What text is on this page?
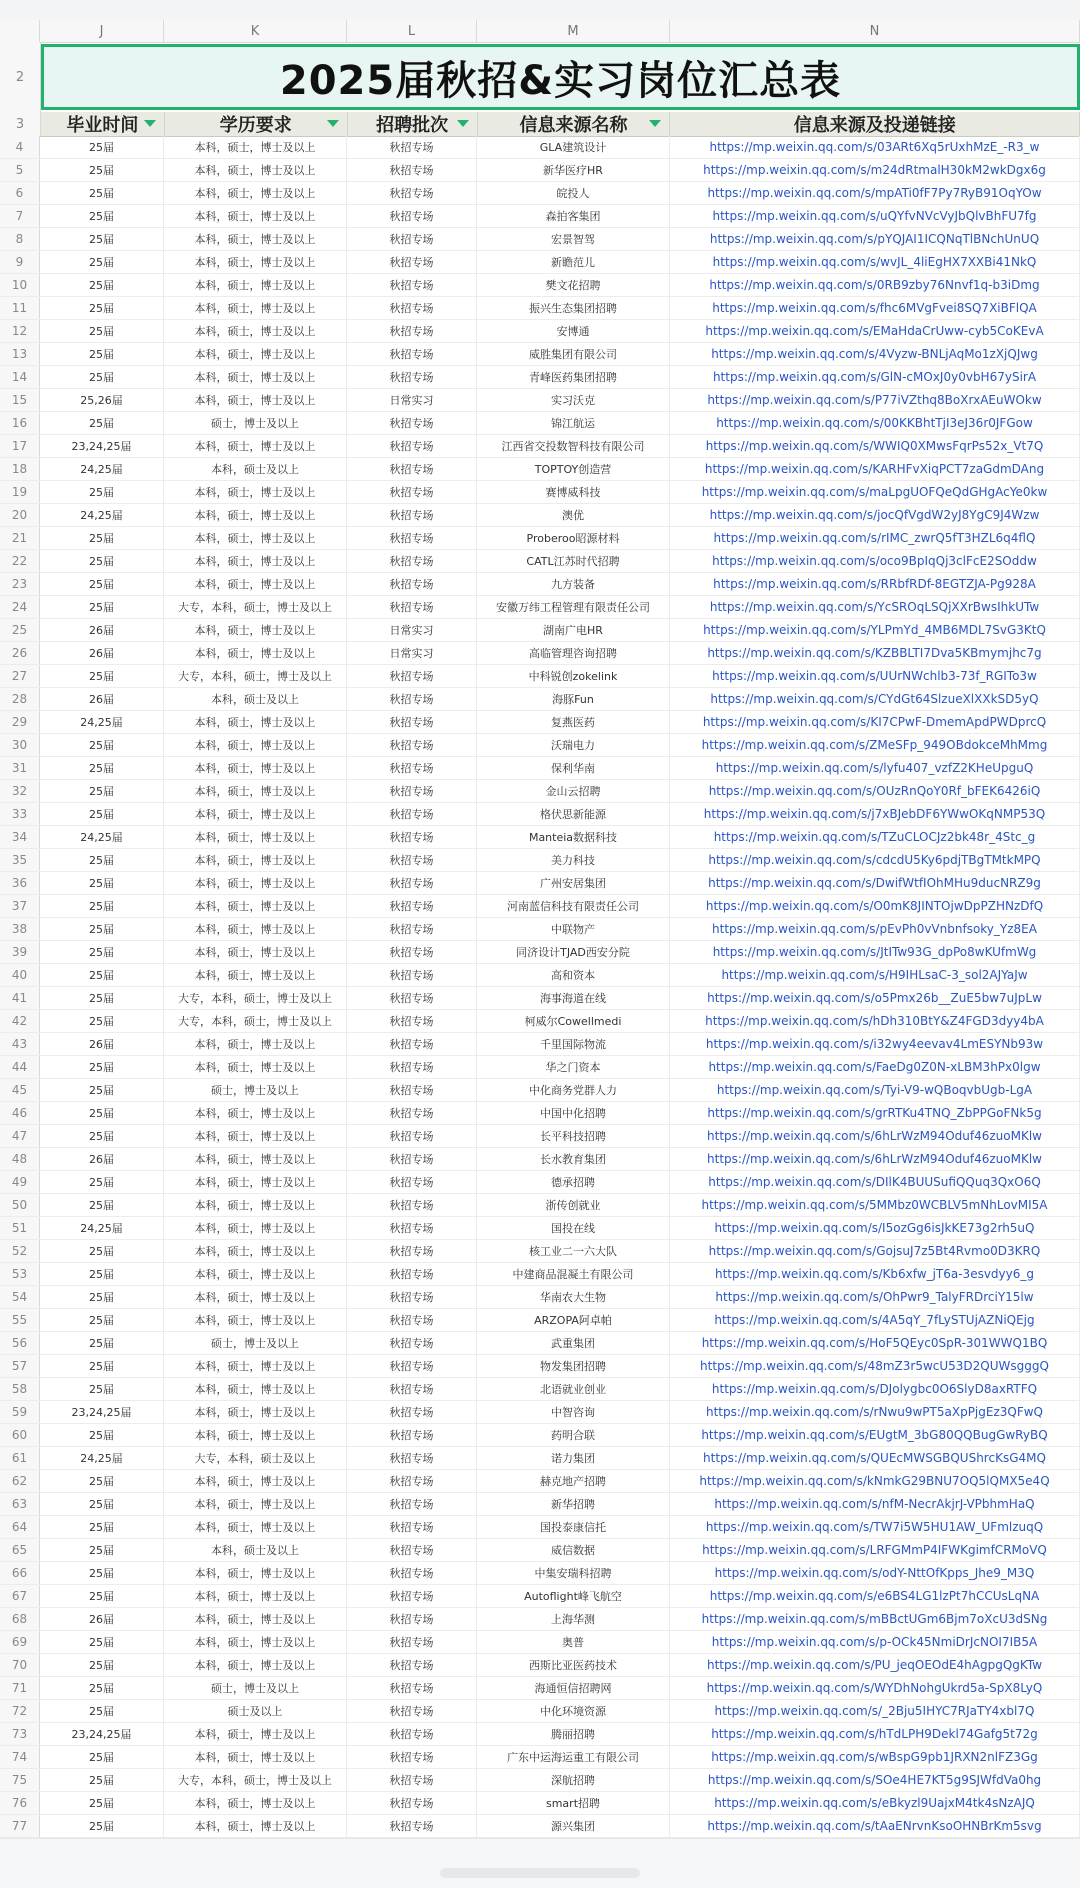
J	K	L	M	N
2	2025届秋招&实习岗位汇总表
3	毕业时间	学历要求	招聘批次	信息来源名称	信息来源及投递链接
4	25届	本科，硕士，博士及以上	秋招专场	GLA建筑设计	https://mp.weixin.qq.com/s/03ARt6Xq5rUxhMzE_-R3_w
5	25届	本科，硕士，博士及以上	秋招专场	新华医疗HR	https://mp.weixin.qq.com/s/m24dRtmalH30kM2wkDgx6g
6	25届	本科，硕士，博士及以上	秋招专场	皖投人	https://mp.weixin.qq.com/s/mpATi0fF7Py7RyB91OqYOw
7	25届	本科，硕士，博士及以上	秋招专场	森拍客集团	https://mp.weixin.qq.com/s/uQYfvNVcVyJbQlvBhFU7fg
8	25届	本科，硕士，博士及以上	秋招专场	宏景智驾	https://mp.weixin.qq.com/s/pYQJAI1ICQNqTlBNchUnUQ
9	25届	本科，硕士，博士及以上	秋招专场	新瞻范儿	https://mp.weixin.qq.com/s/wvJL_4liEgHX7XXBi41NkQ
10	25届	本科，硕士，博士及以上	秋招专场	樊文花招聘	https://mp.weixin.qq.com/s/0RB9zby76Nnvf1q-b3iDmg
11	25届	本科，硕士，博士及以上	秋招专场	振兴生态集团招聘	https://mp.weixin.qq.com/s/fhc6MVgFvei8SQ7XiBFlQA
12	25届	本科，硕士，博士及以上	秋招专场	安博通	https://mp.weixin.qq.com/s/EMaHdaCrUww-cyb5CoKEvA
13	25届	本科，硕士，博士及以上	秋招专场	威胜集团有限公司	https://mp.weixin.qq.com/s/4Vyzw-BNLjAqMo1zXjQJwg
14	25届	本科，硕士，博士及以上	秋招专场	青峰医药集团招聘	https://mp.weixin.qq.com/s/GlN-cMOxJ0y0vbH67ySirA
15	25,26届	本科，硕士，博士及以上	日常实习	实习沃克	https://mp.weixin.qq.com/s/P77iVZthq8BoXrxAEuWOkw
16	25届	硕士，博士及以上	秋招专场	锦江航运	https://mp.weixin.qq.com/s/00KKBhtTjI3eJ36r0JFGow
17	23,24,25届	本科，硕士，博士及以上	秋招专场	江西省交投数智科技有限公司	https://mp.weixin.qq.com/s/WWIQ0XMwsFqrPs52x_Vt7Q
18	24,25届	本科，硕士及以上	秋招专场	TOPTOY创造营	https://mp.weixin.qq.com/s/KARHFvXiqPCT7zaGdmDAng
19	25届	本科，硕士，博士及以上	秋招专场	赛博威科技	https://mp.weixin.qq.com/s/maLpgUOFQeQdGHgAcYe0kw
20	24,25届	本科，硕士，博士及以上	秋招专场	澳优	https://mp.weixin.qq.com/s/jocQfVgdW2yJ8YgC9J4Wzw
21	25届	本科，硕士，博士及以上	秋招专场	Proberoo昭源材料	https://mp.weixin.qq.com/s/rIMC_zwrQ5fT3HZL6q4flQ
22	25届	本科，硕士，博士及以上	秋招专场	CATL江苏时代招聘	https://mp.weixin.qq.com/s/oco9BpIqQj3clFcE2SOddw
23	25届	本科，硕士，博士及以上	秋招专场	九方装备	https://mp.weixin.qq.com/s/RRbfRDf-8EGTZJA-Pg928A
24	25届	大专，本科，硕士，博士及以上	秋招专场	安徽万纬工程管理有限责任公司	https://mp.weixin.qq.com/s/YcSROqLSQjXXrBwsIhkUTw
25	26届	本科，硕士，博士及以上	日常实习	湖南广电HR	https://mp.weixin.qq.com/s/YLPmYd_4MB6MDL7SvG3KtQ
26	26届	本科，硕士，博士及以上	日常实习	高临管理咨询招聘	https://mp.weixin.qq.com/s/KZBBLTI7Dva5KBmymjhc7g
27	25届	大专，本科，硕士，博士及以上	秋招专场	中科锐创zokelink	https://mp.weixin.qq.com/s/UUrNWchlb3-73f_RGITo3w
28	26届	本科，硕士及以上	秋招专场	海豚Fun	https://mp.weixin.qq.com/s/CYdGt64SlzueXlXXkSD5yQ
29	24,25届	本科，硕士，博士及以上	秋招专场	复燕医药	https://mp.weixin.qq.com/s/KI7CPwF-DmemApdPWDprcQ
30	25届	本科，硕士，博士及以上	秋招专场	沃瑞电力	https://mp.weixin.qq.com/s/ZMeSFp_949OBdokceMhMmg
31	25届	本科，硕士，博士及以上	秋招专场	保利华南	https://mp.weixin.qq.com/s/lyfu407_vzfZ2KHeUpguQ
32	25届	本科，硕士，博士及以上	秋招专场	金山云招聘	https://mp.weixin.qq.com/s/OUzRnQoY0Rf_bFEK6426iQ
33	25届	本科，硕士，博士及以上	秋招专场	格伏思新能源	https://mp.weixin.qq.com/s/j7xBJebDF6YWwOKqNMP53Q
34	24,25届	本科，硕士，博士及以上	秋招专场	Manteia数据科技	https://mp.weixin.qq.com/s/TZuCLOCJz2bk48r_4Stc_g
35	25届	本科，硕士，博士及以上	秋招专场	美力科技	https://mp.weixin.qq.com/s/cdcdU5Ky6pdjTBgTMtkMPQ
36	25届	本科，硕士，博士及以上	秋招专场	广州安居集团	https://mp.weixin.qq.com/s/DwifWtfIOhMHu9ducNRZ9g
37	25届	本科，硕士，博士及以上	秋招专场	河南蓝信科技有限责任公司	https://mp.weixin.qq.com/s/O0mK8JINTOjwDpPZHNzDfQ
38	25届	本科，硕士，博士及以上	秋招专场	中联物产	https://mp.weixin.qq.com/s/pEvPh0vVnbnfsoky_Yz8EA
39	25届	本科，硕士，博士及以上	秋招专场	同济设计TJAD西安分院	https://mp.weixin.qq.com/s/JtITw93G_dpPo8wKUfmWg
40	25届	本科，硕士，博士及以上	秋招专场	高和资本	https://mp.weixin.qq.com/s/H9IHLsaC-3_sol2AJYaJw
41	25届	大专，本科，硕士，博士及以上	秋招专场	海事海道在线	https://mp.weixin.qq.com/s/o5Pmx26b__ZuE5bw7uJpLw
42	25届	大专，本科，硕士，博士及以上	秋招专场	柯威尔Cowellmedi	https://mp.weixin.qq.com/s/hDh310BtY&Z4FGD3dyy4bA
43	26届	本科，硕士，博士及以上	秋招专场	千里国际物流	https://mp.weixin.qq.com/s/i32wy4eevav4LmESYNb93w
44	25届	本科，硕士，博士及以上	秋招专场	华之门资本	https://mp.weixin.qq.com/s/FaeDg0Z0N-xLBM3hPx0lgw
45	25届	硕士，博士及以上	秋招专场	中化商务党群人力	https://mp.weixin.qq.com/s/Tyi-V9-wQBoqvbUgb-LgA
46	25届	本科，硕士，博士及以上	秋招专场	中国中化招聘	https://mp.weixin.qq.com/s/grRTKu4TNQ_ZbPPGoFNk5g
47	25届	本科，硕士，博士及以上	秋招专场	长平科技招聘	https://mp.weixin.qq.com/s/6hLrWzM94Oduf46zuoMKlw
48	26届	本科，硕士，博士及以上	秋招专场	长水教育集团	https://mp.weixin.qq.com/s/6hLrWzM94Oduf46zuoMKlw
49	25届	本科，硕士，博士及以上	秋招专场	德承招聘	https://mp.weixin.qq.com/s/DIlK4BUUSufiQQuq3QxO6Q
50	25届	本科，硕士，博士及以上	秋招专场	浙传创就业	https://mp.weixin.qq.com/s/5MMbz0WCBLV5mNhLovMI5A
51	24,25届	本科，硕士，博士及以上	秋招专场	国投在线	https://mp.weixin.qq.com/s/I5ozGg6isJkKE73g2rh5uQ
52	25届	本科，硕士，博士及以上	秋招专场	核工业二一六大队	https://mp.weixin.qq.com/s/GojsuJ7z5Bt4Rvmo0D3KRQ
53	25届	本科，硕士，博士及以上	秋招专场	中建商品混凝土有限公司	https://mp.weixin.qq.com/s/Kb6xfw_jT6a-3esvdyy6_g
54	25届	本科，硕士，博士及以上	秋招专场	华南农大生物	https://mp.weixin.qq.com/s/OhPwr9_TalyFRDrciY15lw
55	25届	本科，硕士，博士及以上	秋招专场	ARZOPA阿卓帕	https://mp.weixin.qq.com/s/4A5qY_7fLySTUjAZNiQEjg
56	25届	硕士，博士及以上	秋招专场	武重集团	https://mp.weixin.qq.com/s/HoF5QEyc0SpR-301WWQ1BQ
57	25届	本科，硕士，博士及以上	秋招专场	物发集团招聘	https://mp.weixin.qq.com/s/48mZ3r5wcU53D2QUWsgggQ
58	25届	本科，硕士，博士及以上	秋招专场	北语就业创业	https://mp.weixin.qq.com/s/DJolygbc0O6SlyD8axRTFQ
59	23,24,25届	本科，硕士，博士及以上	秋招专场	中智咨询	https://mp.weixin.qq.com/s/rNwu9wPT5aXpPjgEz3QFwQ
60	25届	本科，硕士，博士及以上	秋招专场	药明合联	https://mp.weixin.qq.com/s/EUgtM_3bG80QQBugGwRyBQ
61	24,25届	大专，本科，硕士及以上	秋招专场	诺力集团	https://mp.weixin.qq.com/s/QUEcMWSGBQUShrcKsG4MQ
62	25届	本科，硕士，博士及以上	秋招专场	赫克地产招聘	https://mp.weixin.qq.com/s/kNmkG29BNU7OQ5lQMX5e4Q
63	25届	本科，硕士，博士及以上	秋招专场	新华招聘	https://mp.weixin.qq.com/s/nfM-NecrAkjrJ-VPbhmHaQ
64	25届	本科，硕士，博士及以上	秋招专场	国投泰康信托	https://mp.weixin.qq.com/s/TW7i5W5HU1AW_UFmlzuqQ
65	25届	本科，硕士及以上	秋招专场	威信数据	https://mp.weixin.qq.com/s/LRFGMmP4IFWKgimfCRMoVQ
66	25届	本科，硕士，博士及以上	秋招专场	中集安瑞科招聘	https://mp.weixin.qq.com/s/odY-NttOfKpps_Jhe9_M3Q
67	25届	本科，硕士，博士及以上	秋招专场	Autoflight峰飞航空	https://mp.weixin.qq.com/s/e6BS4LG1lzPt7hCCUsLqNA
68	26届	本科，硕士，博士及以上	秋招专场	上海华测	https://mp.weixin.qq.com/s/mBBctUGm6Bjm7oXcU3dSNg
69	25届	本科，硕士，博士及以上	秋招专场	奥普	https://mp.weixin.qq.com/s/p-OCk45NmiDrJcNOI7IB5A
70	25届	本科，硕士，博士及以上	秋招专场	西斯比亚医药技术	https://mp.weixin.qq.com/s/PU_jeqOEOdE4hAgpgQgKTw
71	25届	硕士，博士及以上	秋招专场	海通恒信招聘网	https://mp.weixin.qq.com/s/WYDhNohgUkrd5a-SpX8LyQ
72	25届	硕士及以上	秋招专场	中化环境资源	https://mp.weixin.qq.com/s/_2Bju5IHYC7RJaTY4xbl7Q
73	23,24,25届	本科，硕士，博士及以上	秋招专场	腾丽招聘	https://mp.weixin.qq.com/s/hTdLPH9Dekl74Gafg5t72g
74	25届	本科，硕士，博士及以上	秋招专场	广东中运海运重工有限公司	https://mp.weixin.qq.com/s/wBspG9pb1JRXN2nlFZ3Gg
75	25届	大专，本科，硕士，博士及以上	秋招专场	深航招聘	https://mp.weixin.qq.com/s/SOe4HE7KT5g9SJWfdVa0hg
76	25届	本科，硕士，博士及以上	秋招专场	smart招聘	https://mp.weixin.qq.com/s/eBkyzl9UajxM4tk4sNzAJQ
77	25届	本科，硕士，博士及以上	秋招专场	源兴集团	https://mp.weixin.qq.com/s/tAaENrvnKsoOHNBrKm5svg
